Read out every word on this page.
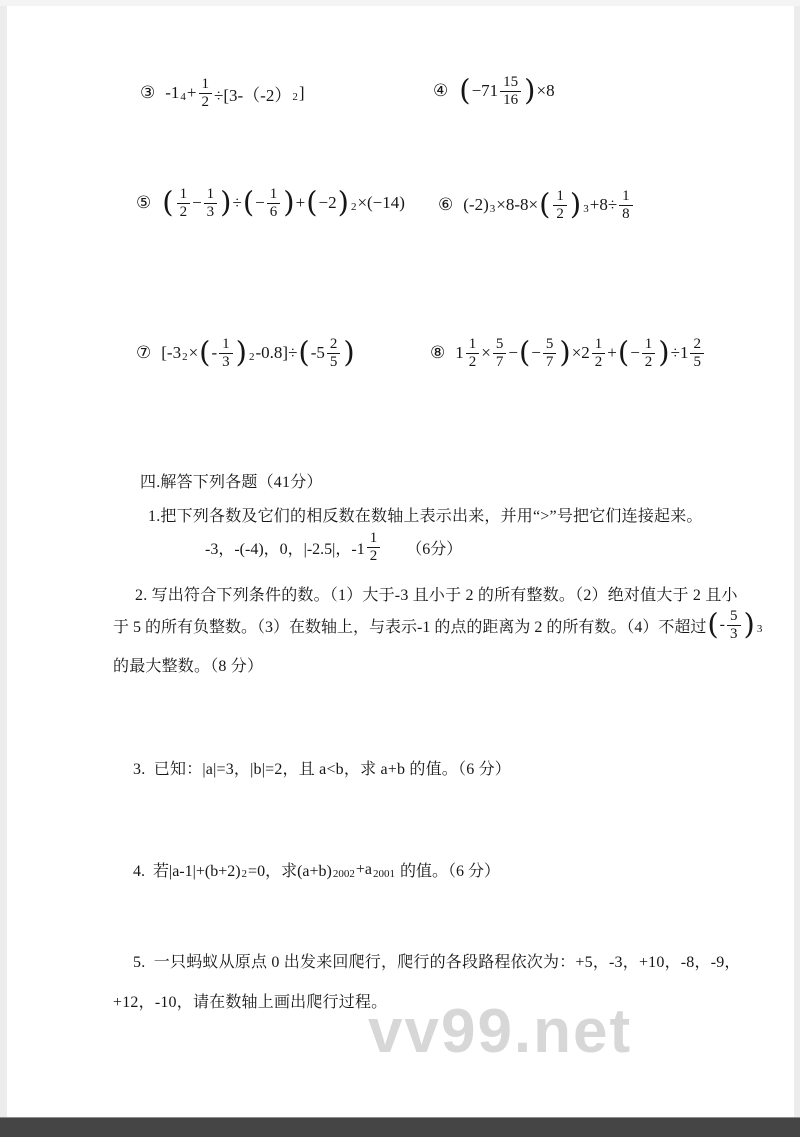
③ -1 $4 + \frac{1}{2} \div[3-(-2)$ 2 ]	④ ( $-71 \frac{15}{16}$ ) ×8
⑤ ( $\frac{1}{2} - \frac{1}{3}$ ) ÷ ( − $\frac{1}{6}$ ) + ( −2 ) 2 ×(−14) ⑥ (-2) 3 ×8-8× ( $\frac{1}{2}$ ) $3 +8\div \frac{1}{8}$
⑦ [-3 2 × ( - $\frac{1}{3}$ ) 2 -0.8]÷ ( $-5 \frac{2}{5}$ )	⑧ $1 \frac{1}{2} \times \frac{5}{7}$ − ( − $\frac{5}{7}$ ) $\times 2 \frac{1}{2}$ + ( − $\frac{1}{2}$ ) $\div 1 \frac{2}{5}$
四.解答下列各题（41分）
1.把下列各数及它们的相反数在数轴上表示出来，并用“>”号把它们连接起来。
-3，-(-4)，0，|-2.5|，$-1 \frac{1}{2}$ 　　（6分）
2. 写出符合下列条件的数。（1）大于-3 且小于 2 的所有整数。（2）绝对值大于 2 且小
于 5 的所有负整数。（3）在数轴上，与表示-1 的点的距离为 2 的所有数。（4）不超过 ( - $\frac{5}{3}$ ) 3
的最大整数。（8 分）
3.  已知：|a|=3，|b|=2，且 a<b，求 a+b 的值。（6 分）
4.  若|a-1|+(b+2) 2 =0，求(a+b) 2002 +a 2001 的值。（6 分）
5.  一只蚂蚁从原点 0 出发来回爬行，爬行的各段路程依次为：+5，-3，+10，-8，-9，
+12，-10，请在数轴上画出爬行过程。
vv99.net
